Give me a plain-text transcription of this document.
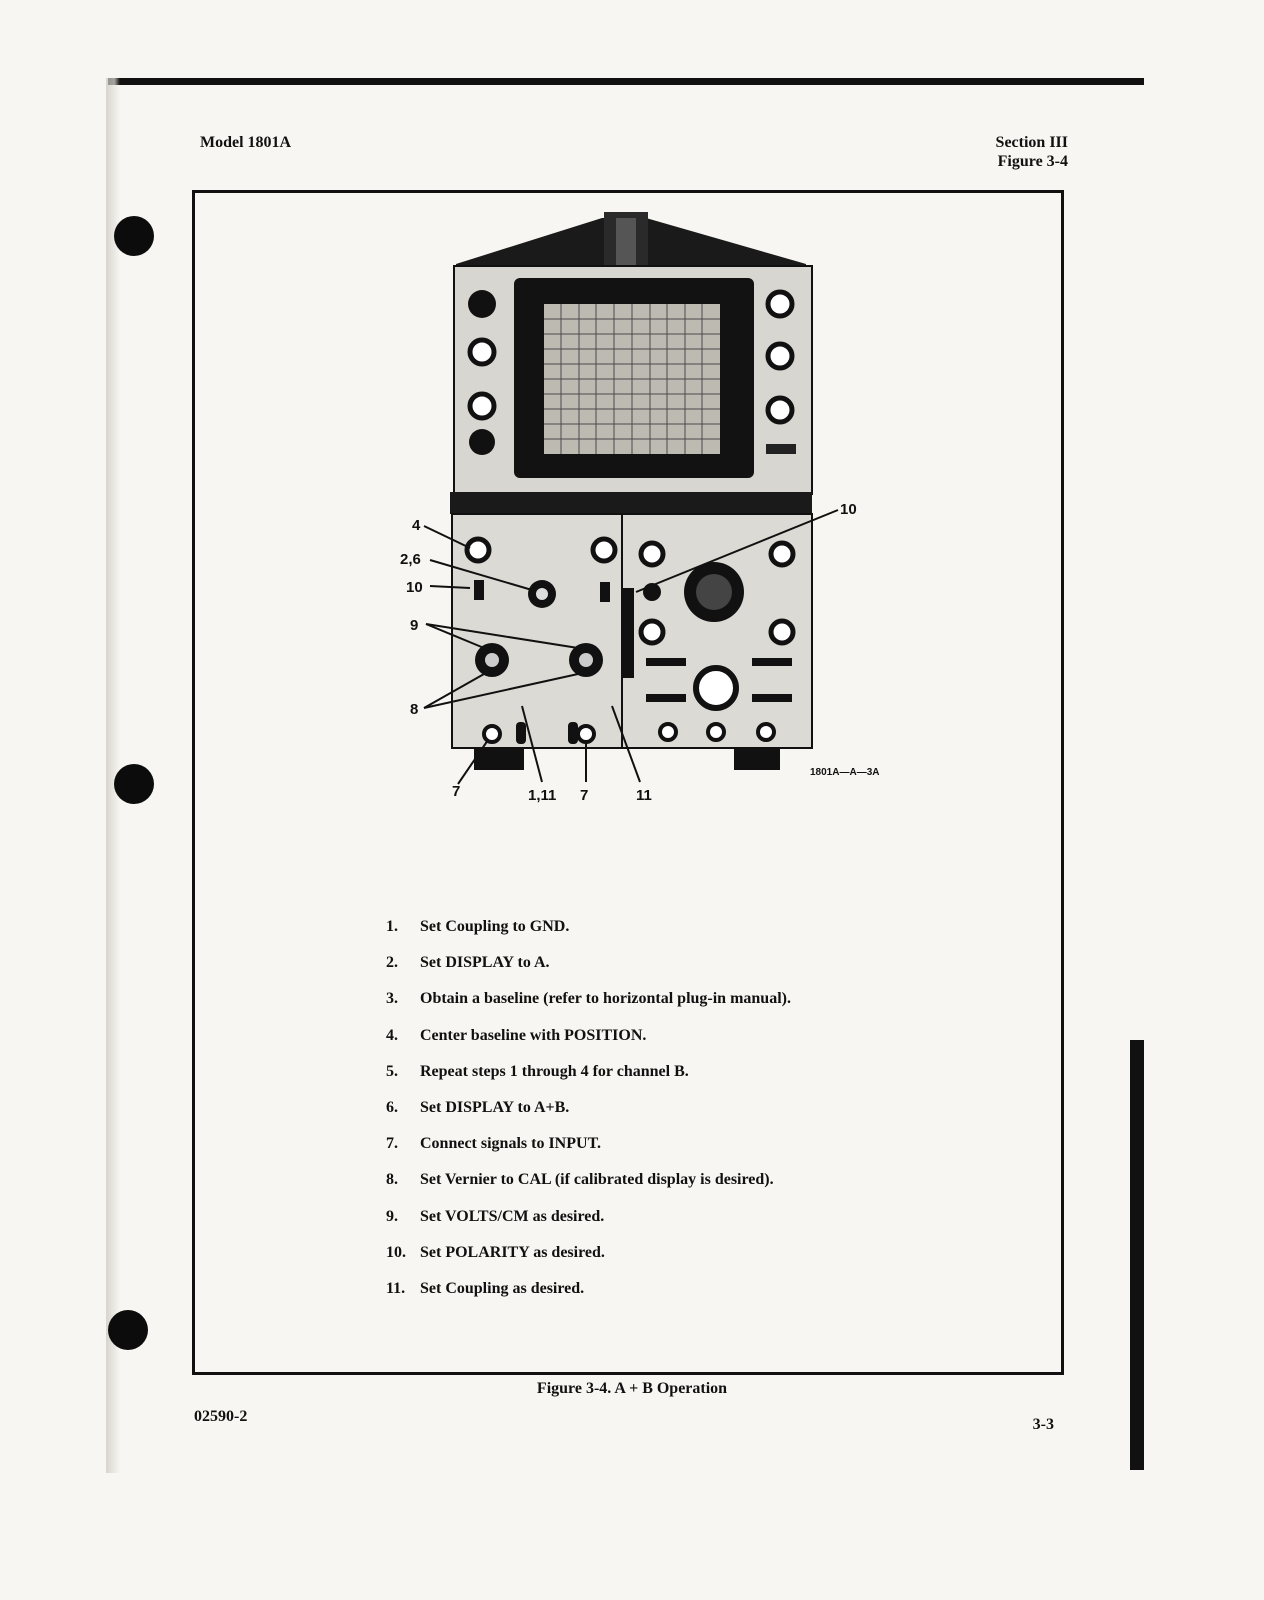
Model 1801A	Section III
Figure 3-4
4
2,6
10
9
8
7	1,11 7	11
10
1801A—A—3A
1.	Set Coupling to GND.
2.	Set DISPLAY to A.
3.	Obtain a baseline (refer to horizontal plug-in manual).
4.	Center baseline with POSITION.
5.	Repeat steps 1 through 4 for channel B.
6.	Set DISPLAY to A+B.
7.	Connect signals to INPUT.
8.	Set Vernier to CAL (if calibrated display is desired).
9.	Set VOLTS/CM as desired.
10. Set POLARITY as desired.
11. Set Coupling as desired.
Figure 3-4. A + B Operation
02590-2	3-3
